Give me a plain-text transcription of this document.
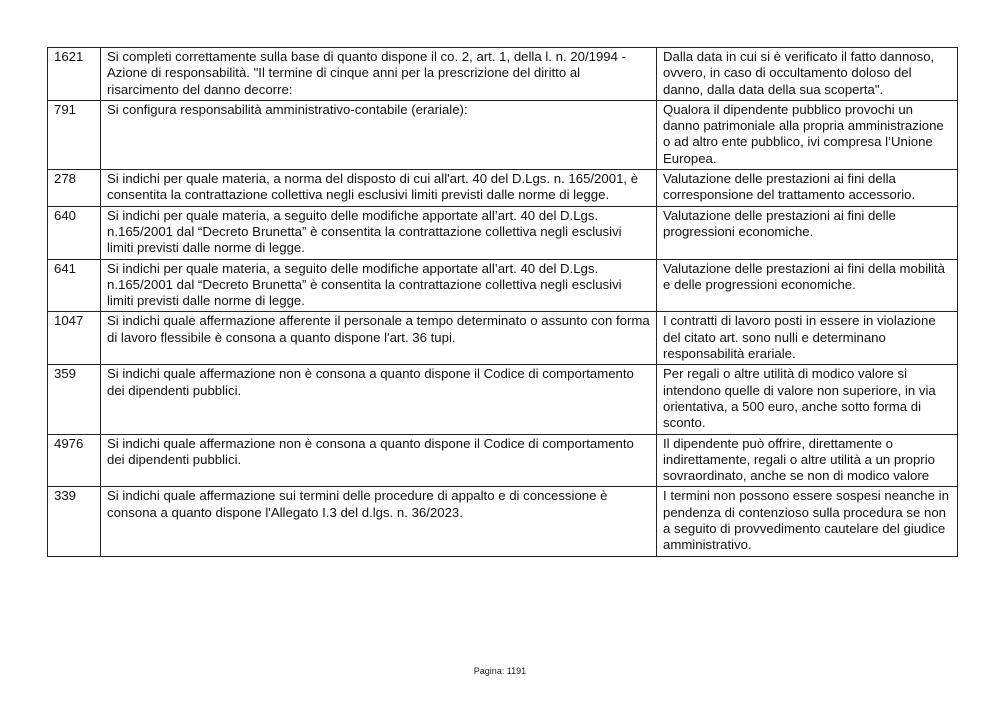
1621	Si completi correttamente sulla base di quanto dispone il co. 2, art. 1, della l. n. 20/1994 - Azione di responsabilità. "Il termine di cinque anni per la prescrizione del diritto al risarcimento del danno decorre:	Dalla data in cui si è verificato il fatto dannoso, ovvero, in caso di occultamento doloso del danno, dalla data della sua scoperta".
791	Si configura responsabilità amministrativo-contabile (erariale):	Qualora il dipendente pubblico provochi un danno patrimoniale alla propria amministrazione o ad altro ente pubblico, ivi compresa l’Unione Europea.
278	Si indichi per quale materia, a norma del disposto di cui all'art. 40 del D.Lgs. n. 165/2001, è consentita la contrattazione collettiva negli esclusivi limiti previsti dalle norme di legge.	Valutazione delle prestazioni ai fini della corresponsione del trattamento accessorio.
640	Si indichi per quale materia, a seguito delle modifiche apportate all’art. 40 del D.Lgs. n.165/2001 dal “Decreto Brunetta” è consentita la contrattazione collettiva negli esclusivi limiti previsti dalle norme di legge.	Valutazione delle prestazioni ai fini delle progressioni economiche.
641	Si indichi per quale materia, a seguito delle modifiche apportate all’art. 40 del D.Lgs. n.165/2001 dal “Decreto Brunetta” è consentita la contrattazione collettiva negli esclusivi limiti previsti dalle norme di legge.	Valutazione delle prestazioni ai fini della mobilità e delle progressioni economiche.
1047	Si indichi quale affermazione afferente il personale a tempo determinato o assunto con forma di lavoro flessibile è consona a quanto dispone l'art. 36 tupi.	I contratti di lavoro posti in essere in violazione del citato art. sono nulli e determinano responsabilità erariale.
359	Si indichi quale affermazione non è consona a quanto dispone il Codice di comportamento dei dipendenti pubblici.	Per regali o altre utilità di modico valore si intendono quelle di valore non superiore, in via orientativa, a 500 euro, anche sotto forma di sconto.
4976	Si indichi quale affermazione non è consona a quanto dispone il Codice di comportamento dei dipendenti pubblici.	Il dipendente può offrire, direttamente o indirettamente, regali o altre utilità a un proprio sovraordinato, anche se non di modico valore
339	Si indichi quale affermazione sui termini delle procedure di appalto e di concessione è consona a quanto dispone l'Allegato I.3 del d.lgs. n. 36/2023.	I termini non possono essere sospesi neanche in pendenza di contenzioso sulla procedura se non a seguito di provvedimento cautelare del giudice amministrativo.
Pagina: 1191
